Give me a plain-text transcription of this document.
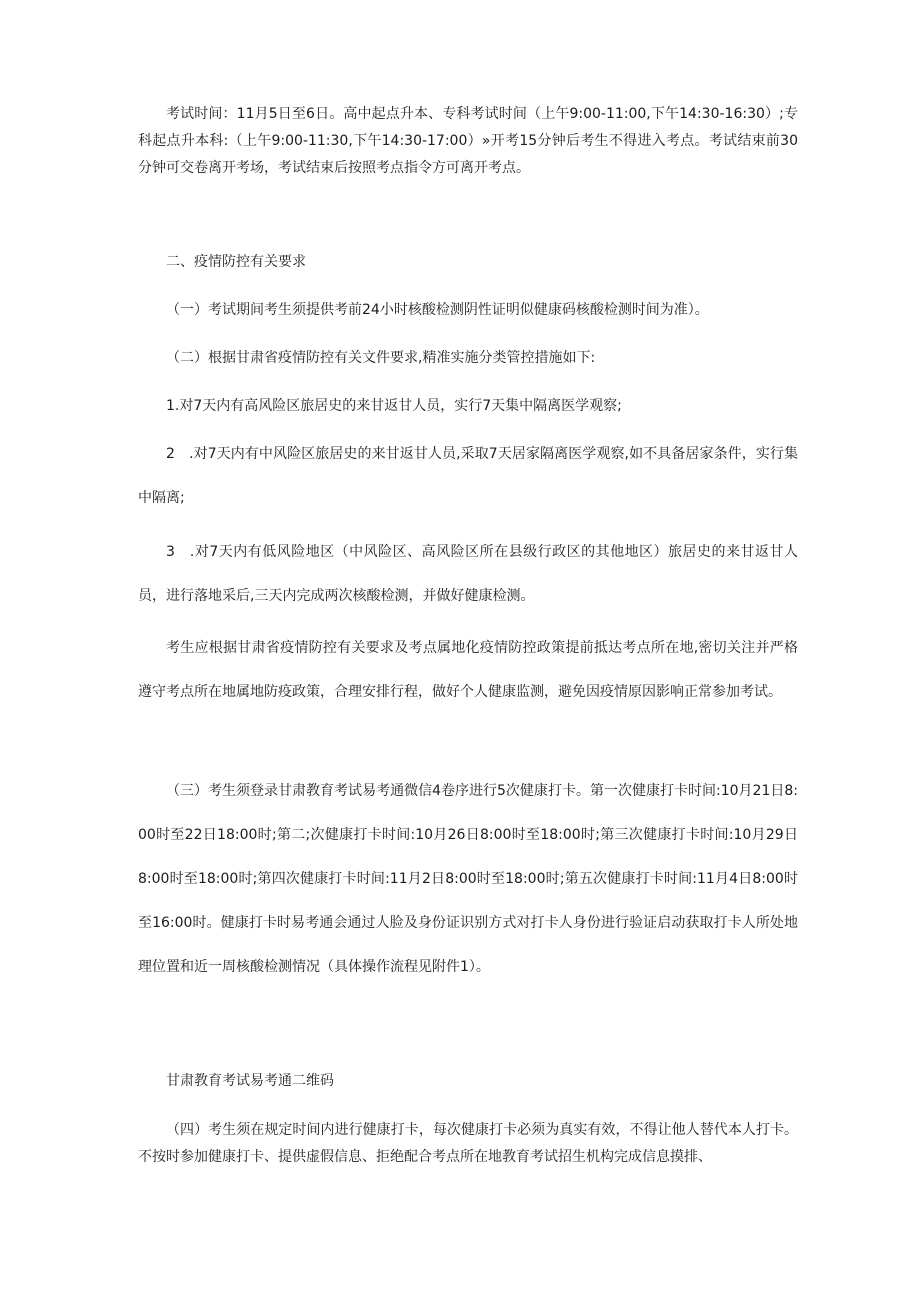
考试时间：11月5日至6日。高中起点升本、专科考试时间（上午9:00-11:00,下午14:30-16:30）;专科起点升本科:（上午9:00-11:30,下午14:30-17:00）»开考15分钟后考生不得进入考点。考试结束前30分钟可交卷离开考场，考试结束后按照考点指令方可离开考点。

二、疫情防控有关要求

（一）考试期间考生须提供考前24小时核酸检测阴性证明似健康码核酸检测时间为准）。

（二）根据甘肃省疫情防控有关文件要求,精准实施分类管控措施如下:

1.对7天内有高风险区旅居史的来甘返甘人员，实行7天集中隔离医学观察;

2　.对7天内有中风险区旅居史的来甘返甘人员,采取7天居家隔离医学观察,如不具备居家条件，实行集中隔离;

3　.对7天内有低风险地区（中风险区、高风险区所在县级行政区的其他地区）旅居史的来甘返甘人员，进行落地采后,三天内完成两次核酸检测，并做好健康检测。

考生应根据甘肃省疫情防控有关要求及考点属地化疫情防控政策提前抵达考点所在地,密切关注并严格遵守考点所在地属地防疫政策，合理安排行程，做好个人健康监测，避免因疫情原因影响正常参加考试。

（三）考生须登录甘肃教育考试易考通微信4卷序进行5次健康打卡。第一次健康打卡时间:10月21日8:00时至22日18:00时;第二;次健康打卡时间:10月26日8:00时至18:00时;第三次健康打卡时间:10月29日8:00时至18:00时;第四次健康打卡时间:11月2日8:00时至18:00时;第五次健康打卡时间:11月4日8:00时至16:00时。健康打卡时易考通会通过人脸及身份证识别方式对打卡人身份进行验证启动获取打卡人所处地理位置和近一周核酸检测情况（具体操作流程见附件1）。

甘肃教育考试易考通二维码

（四）考生须在规定时间内进行健康打卡，每次健康打卡必须为真实有效，不得让他人替代本人打卡。不按时参加健康打卡、提供虚假信息、拒绝配合考点所在地教育考试招生机构完成信息摸排、
